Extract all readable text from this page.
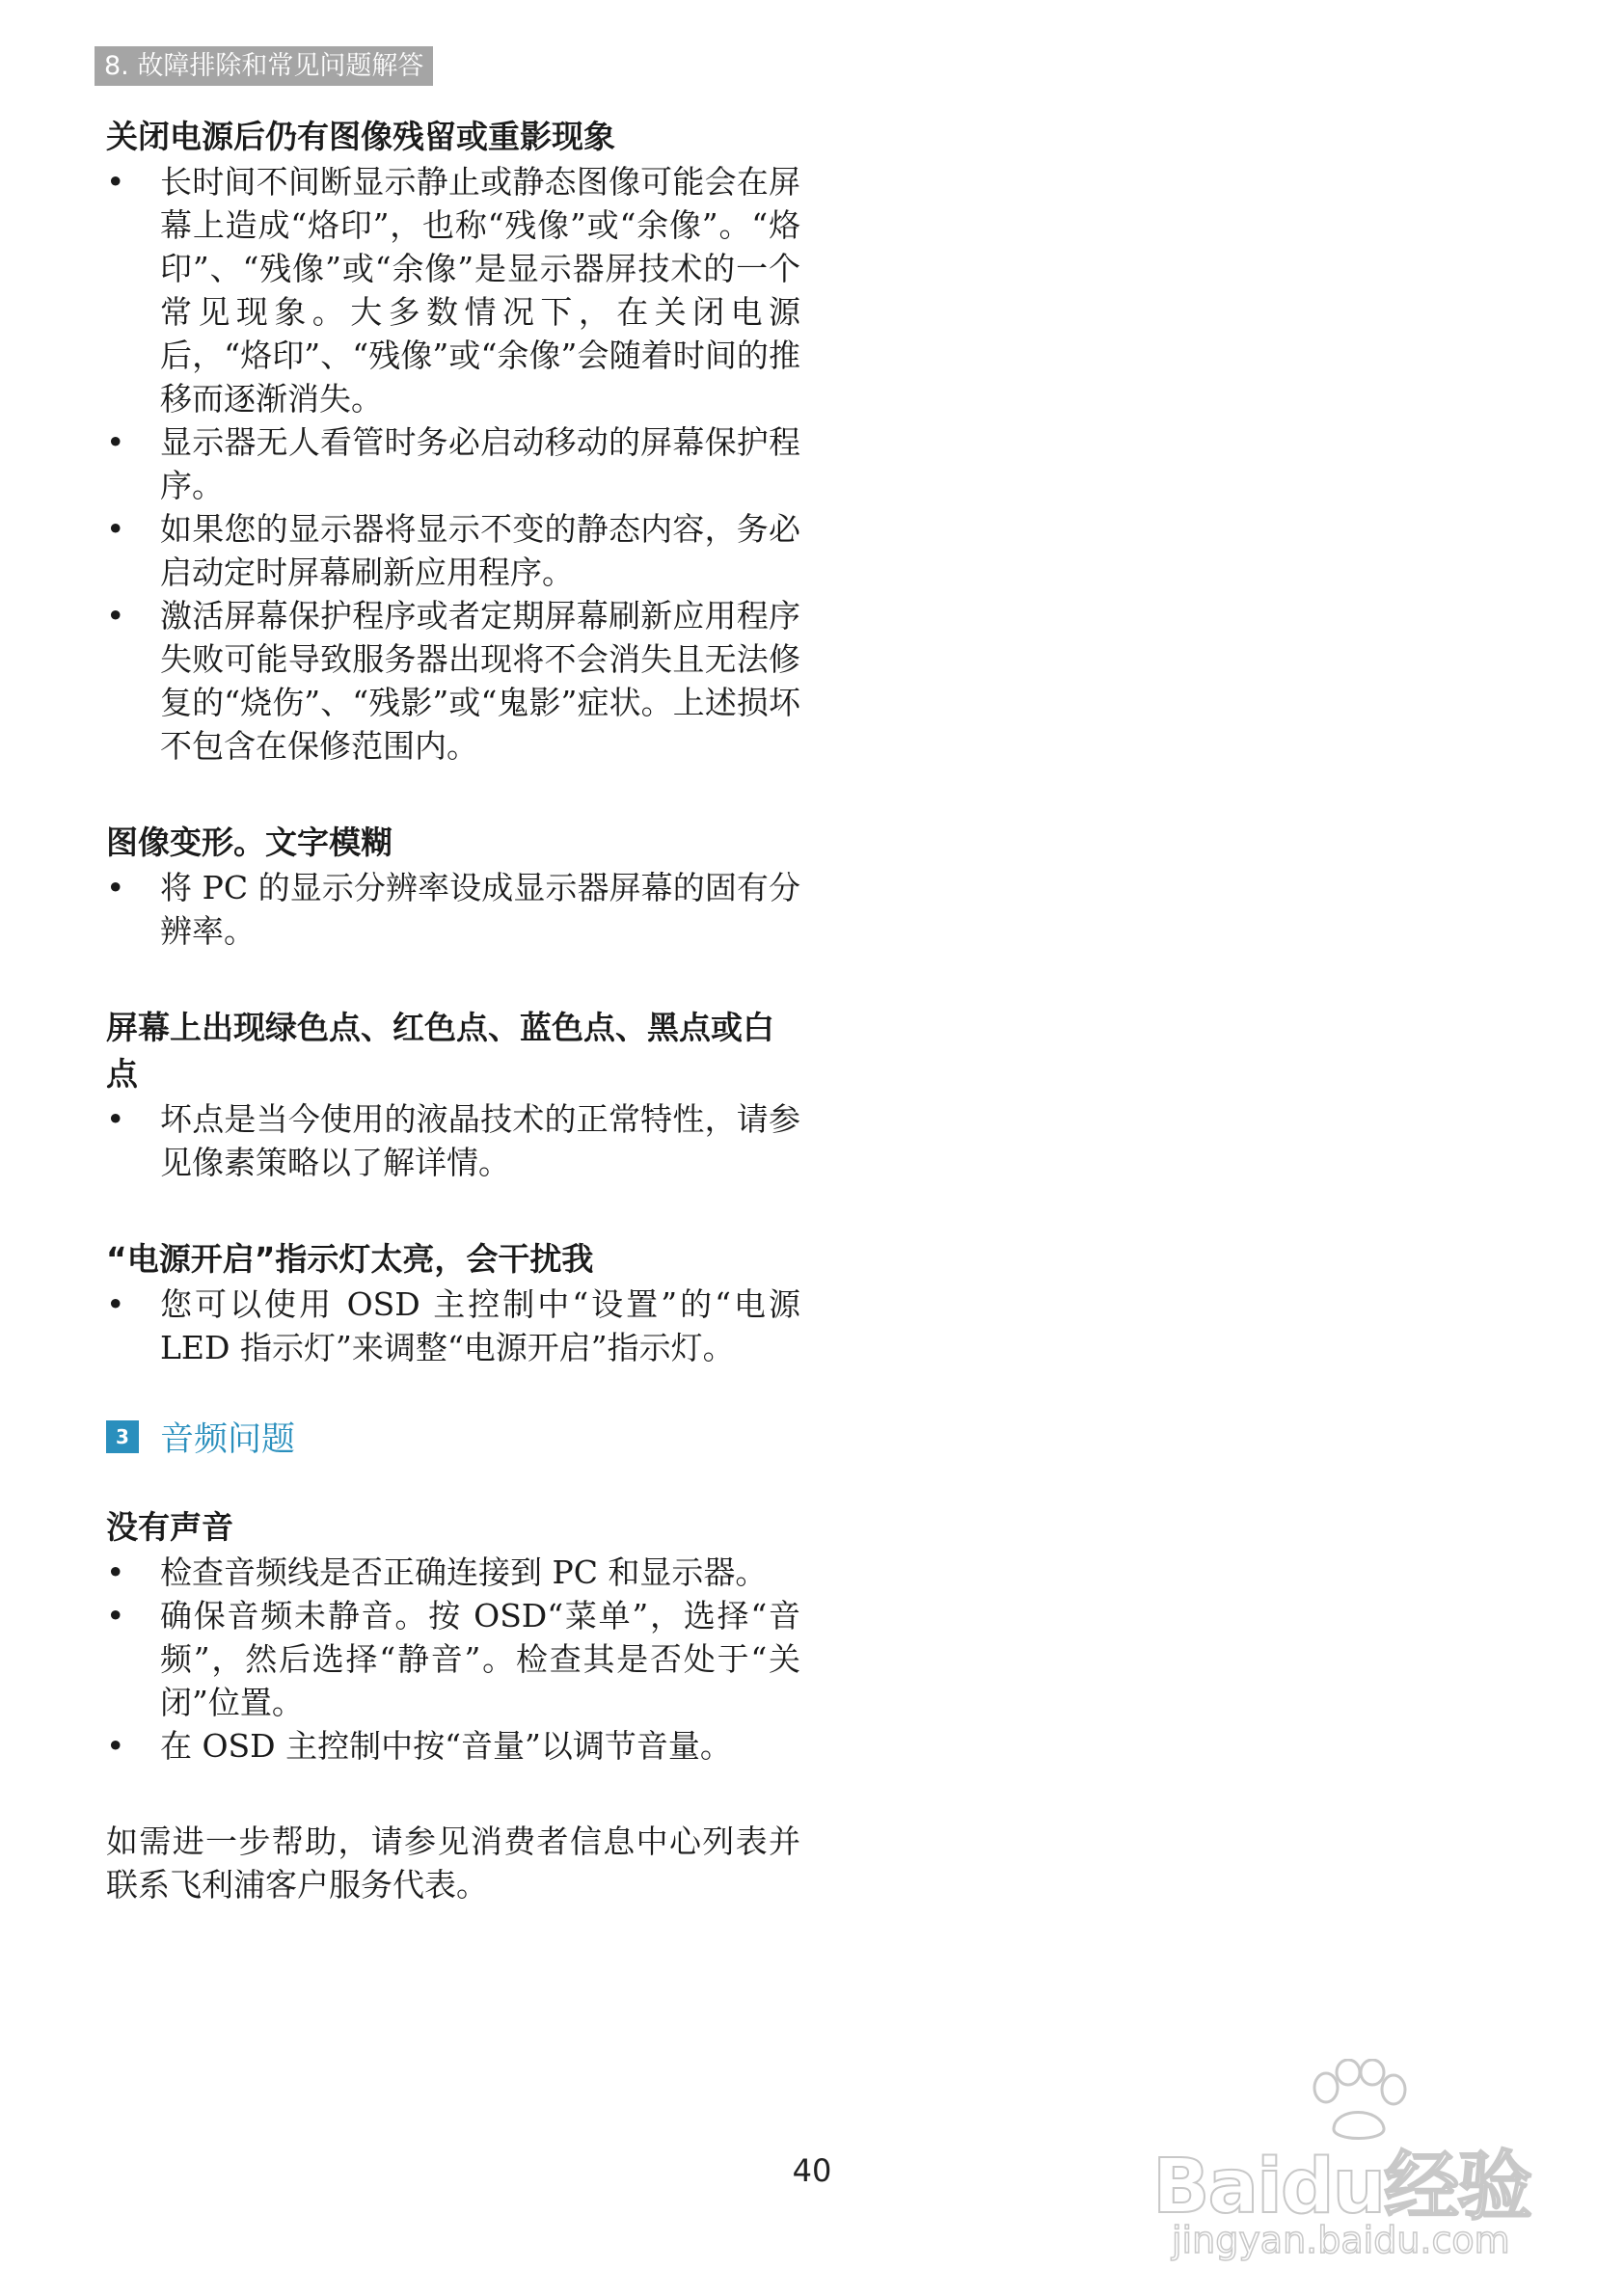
8. 故障排除和常见问题解答
关闭电源后仍有图像残留或重影现象
• 长时间不间断显示静止或静态图像可能会在屏幕上造成“烙印”，也称“残像”或“余像”。“烙印”、“残像”或“余像”是显示器屏技术的一个常见现象。大多数情况下，在关闭电源后，“烙印”、“残像”或“余像”会随着时间的推移而逐渐消失。
• 显示器无人看管时务必启动移动的屏幕保护程序。
• 如果您的显示器将显示不变的静态内容，务必启动定时屏幕刷新应用程序。
• 激活屏幕保护程序或者定期屏幕刷新应用程序失败可能导致服务器出现将不会消失且无法修复的“烧伤”、“残影”或“鬼影”症状。上述损坏不包含在保修范围内。
图像变形。文字模糊
• 将 PC 的显示分辨率设成显示器屏幕的固有分辨率。
屏幕上出现绿色点、红色点、蓝色点、黑点或白点
• 坏点是当今使用的液晶技术的正常特性，请参见像素策略以了解详情。
“电源开启”指示灯太亮，会干扰我
• 您可以使用 OSD 主控制中“设置”的“电源 LED 指示灯”来调整“电源开启”指示灯。
3 音频问题
没有声音
• 检查音频线是否正确连接到 PC 和显示器。
• 确保音频未静音。按 OSD“菜单”，选择“音频”，然后选择“静音”。检查其是否处于“关闭”位置。
• 在 OSD 主控制中按“音量”以调节音量。

如需进一步帮助，请参见消费者信息中心列表并联系飞利浦客户服务代表。

40	Baidu经验
jingyan.baidu.com
